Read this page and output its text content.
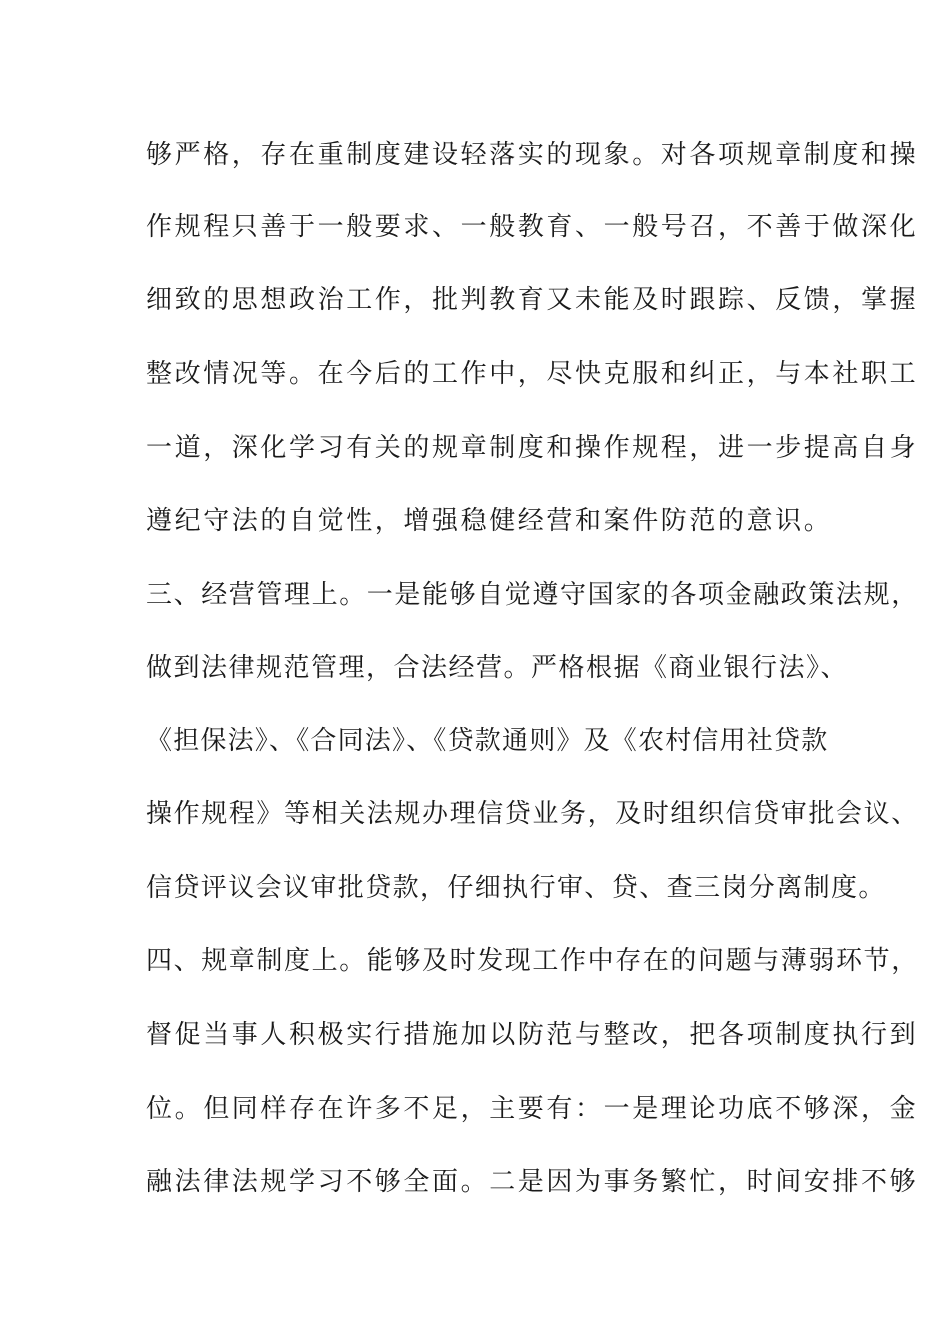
够严格，存在重制度建设轻落实的现象。对各项规章制度和操
作规程只善于一般要求、一般教育、一般号召，不善于做深化
细致的思想政治工作，批判教育又未能及时跟踪、反馈，掌握
整改情况等。在今后的工作中，尽快克服和纠正，与本社职工
一道，深化学习有关的规章制度和操作规程，进一步提高自身
遵纪守法的自觉性，增强稳健经营和案件防范的意识。
三、经营管理上。一是能够自觉遵守国家的各项金融政策法规，
做到法律规范管理，合法经营。严格根据《商业银行法》、
《担保法》、《合同法》、《贷款通则》及《农村信用社贷款
操作规程》等相关法规办理信贷业务，及时组织信贷审批会议、
信贷评议会议审批贷款，仔细执行审、贷、查三岗分离制度。
四、规章制度上。能够及时发现工作中存在的问题与薄弱环节，
督促当事人积极实行措施加以防范与整改，把各项制度执行到
位。但同样存在许多不足，主要有：一是理论功底不够深，金
融法律法规学习不够全面。二是因为事务繁忙，时间安排不够
